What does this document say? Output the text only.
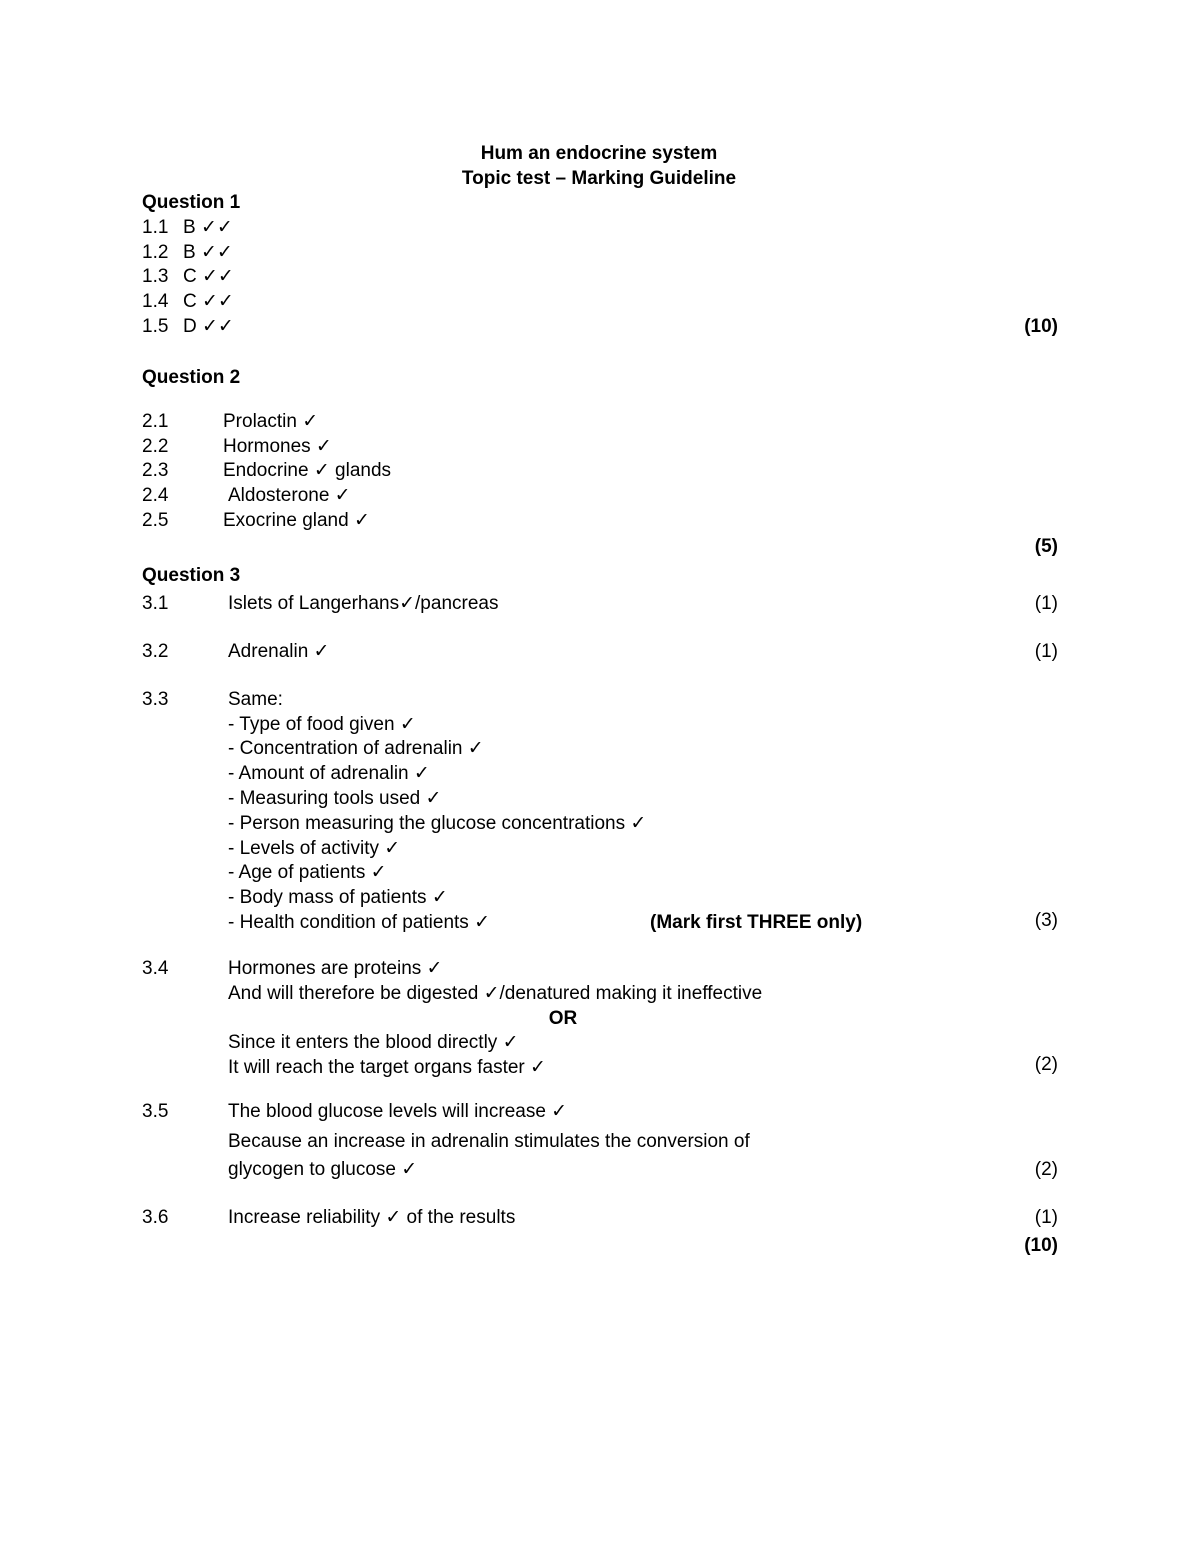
Hum an endocrine system
Topic test – Marking Guideline
Question 1
1.1 B ✓✓
1.2 B ✓✓
1.3 C ✓✓
1.4 C ✓✓
1.5 D ✓✓	(10)
Question 2
2.1	Prolactin ✓
2.2	Hormones ✓
2.3	Endocrine ✓ glands
2.4	Aldosterone ✓
2.5	Exocrine gland ✓
(5)
Question 3
3.1	Islets of Langerhans✓/pancreas	(1)
3.2	Adrenalin ✓	(1)
3.3	Same:
- Type of food given ✓
- Concentration of adrenalin ✓
- Amount of adrenalin ✓
- Measuring tools used ✓
- Person measuring the glucose concentrations ✓
- Levels of activity ✓
- Age of patients ✓
- Body mass of patients ✓
- Health condition of patients ✓	(Mark first THREE only)	(3)
3.4	Hormones are proteins ✓
And will therefore be digested ✓/denatured making it ineffective
OR
Since it enters the blood directly ✓
It will reach the target organs faster ✓	(2)
3.5	The blood glucose levels will increase ✓
Because an increase in adrenalin stimulates the conversion of
glycogen to glucose ✓	(2)
3.6	Increase reliability ✓ of the results	(1)
(10)
